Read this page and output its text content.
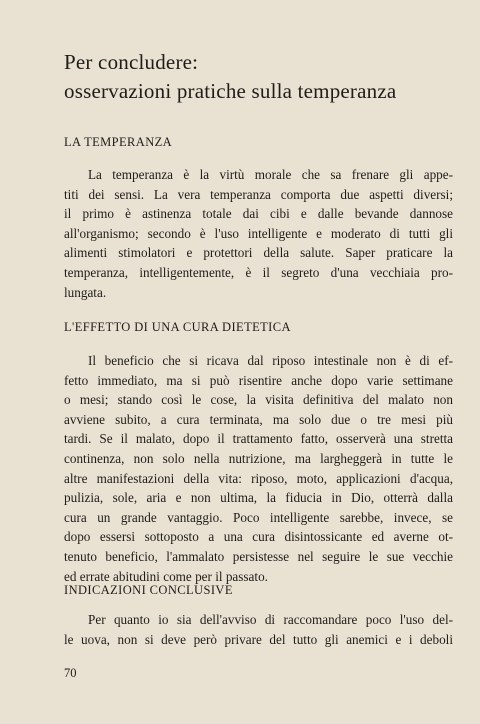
Per concludere:
osservazioni pratiche sulla temperanza
LA TEMPERANZA

La temperanza è la virtù morale che sa frenare gli appe-
titi dei sensi. La vera temperanza comporta due aspetti diversi;
il primo è astinenza totale dai cibi e dalle bevande dannose
all'organismo; secondo è l'uso intelligente e moderato di tutti gli
alimenti stimolatori e protettori della salute. Saper praticare la
temperanza, intelligentemente, è il segreto d'una vecchiaia pro-
lungata.

L'EFFETTO DI UNA CURA DIETETICA

Il beneficio che si ricava dal riposo intestinale non è di ef-
fetto immediato, ma si può risentire anche dopo varie settimane
o mesi; stando così le cose, la visita definitiva del malato non
avviene subito, a cura terminata, ma solo due o tre mesi più
tardi. Se il malato, dopo il trattamento fatto, osserverà una stretta
continenza, non solo nella nutrizione, ma largheggerà in tutte le
altre manifestazioni della vita: riposo, moto, applicazioni d'acqua,
pulizia, sole, aria e non ultima, la fiducia in Dio, otterrà dalla
cura un grande vantaggio. Poco intelligente sarebbe, invece, se
dopo essersi sottoposto a una cura disintossicante ed averne ot-
tenuto beneficio, l'ammalato persistesse nel seguire le sue vecchie
ed errate abitudini come per il passato.

INDICAZIONI CONCLUSIVE

Per quanto io sia dell'avviso di raccomandare poco l'uso del-
le uova, non si deve però privare del tutto gli anemici e i deboli

70
